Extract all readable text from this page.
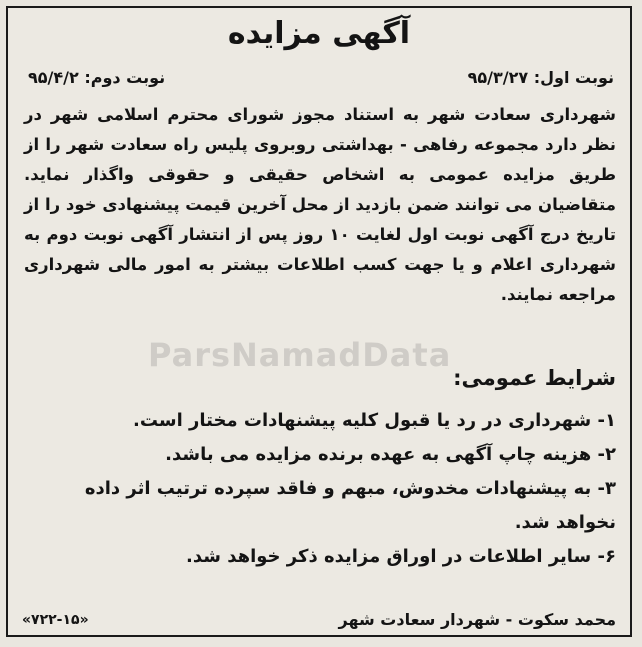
آگهی مزایده
نوبت اول: ۹۵/۳/۲۷
نوبت دوم: ۹۵/۴/۲

شهرداری سعادت شهر به استناد مجوز شورای محترم اسلامی شهر در نظر دارد مجموعه رفاهی - بهداشتی روبروی پلیس راه سعادت شهر را از طریق مزایده عمومی به اشخاص حقیقی و حقوقی واگذار نماید. متقاضیان می توانند ضمن بازدید از محل آخرین قیمت پیشنهادی خود را از تاریخ درج آگهی نوبت اول لغایت ۱۰ روز پس از انتشار آگهی نوبت دوم به شهرداری اعلام و یا جهت کسب اطلاعات بیشتر به امور مالی شهرداری مراجعه نمایند.

ParsNamadData
شرایط عمومی:
۱- شهرداری در رد یا قبول کلیه پیشنهادات مختار است.
۲- هزینه چاپ آگهی به عهده برنده مزایده می باشد.
۳- به پیشنهادات مخدوش، مبهم و فاقد سپرده ترتیب اثر داده نخواهد شد.
۶- سایر اطلاعات در اوراق مزایده ذکر خواهد شد.
محمد سکوت - شهردار سعادت شهر
«۷۲۲-۱۵»
